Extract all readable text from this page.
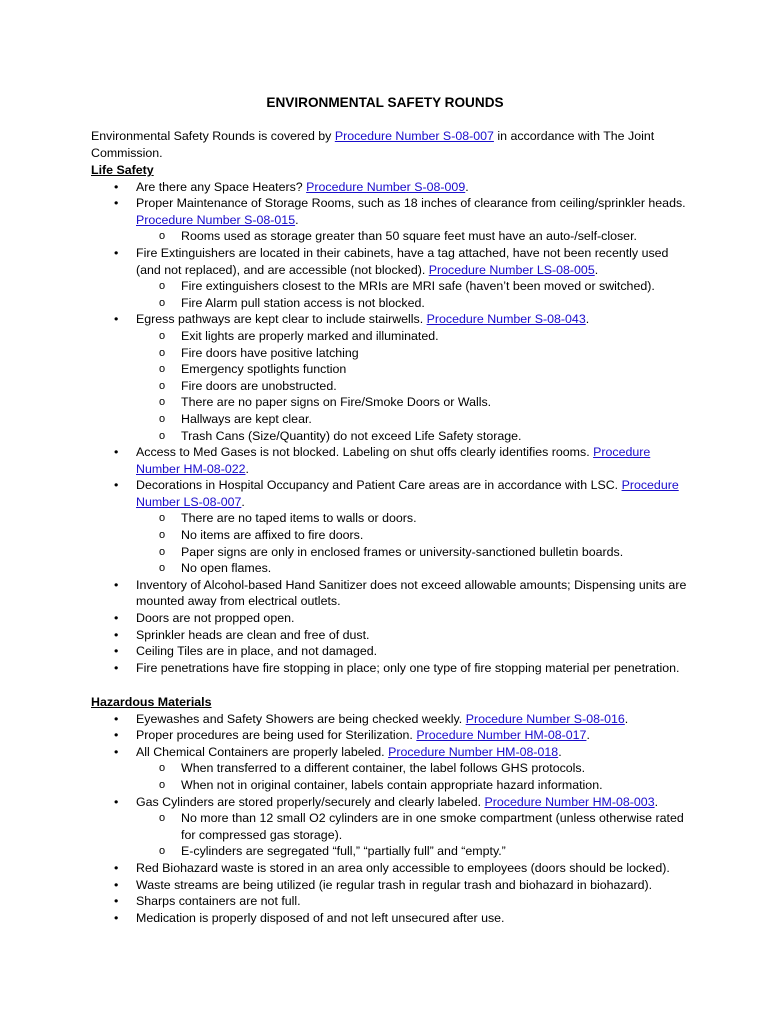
ENVIRONMENTAL SAFETY ROUNDS
Environmental Safety Rounds is covered by Procedure Number S-08-007 in accordance with The Joint Commission.
Life Safety
• Are there any Space Heaters? Procedure Number S-08-009.
• Proper Maintenance of Storage Rooms, such as 18 inches of clearance from ceiling/sprinkler heads. Procedure Number S-08-015.
o Rooms used as storage greater than 50 square feet must have an auto-/self-closer.
• Fire Extinguishers are located in their cabinets, have a tag attached, have not been recently used (and not replaced), and are accessible (not blocked). Procedure Number LS-08-005.
o Fire extinguishers closest to the MRIs are MRI safe (haven’t been moved or switched).
o Fire Alarm pull station access is not blocked.
• Egress pathways are kept clear to include stairwells. Procedure Number S-08-043.
o Exit lights are properly marked and illuminated.
o Fire doors have positive latching
o Emergency spotlights function
o Fire doors are unobstructed.
o There are no paper signs on Fire/Smoke Doors or Walls.
o Hallways are kept clear.
o Trash Cans (Size/Quantity) do not exceed Life Safety storage.
• Access to Med Gases is not blocked. Labeling on shut offs clearly identifies rooms. Procedure Number HM-08-022.
• Decorations in Hospital Occupancy and Patient Care areas are in accordance with LSC. Procedure Number LS-08-007.
o There are no taped items to walls or doors.
o No items are affixed to fire doors.
o Paper signs are only in enclosed frames or university-sanctioned bulletin boards.
o No open flames.
• Inventory of Alcohol-based Hand Sanitizer does not exceed allowable amounts; Dispensing units are mounted away from electrical outlets.
• Doors are not propped open.
• Sprinkler heads are clean and free of dust.
• Ceiling Tiles are in place, and not damaged.
• Fire penetrations have fire stopping in place; only one type of fire stopping material per penetration.
Hazardous Materials
• Eyewashes and Safety Showers are being checked weekly. Procedure Number S-08-016.
• Proper procedures are being used for Sterilization. Procedure Number HM-08-017.
• All Chemical Containers are properly labeled. Procedure Number HM-08-018.
o When transferred to a different container, the label follows GHS protocols.
o When not in original container, labels contain appropriate hazard information.
• Gas Cylinders are stored properly/securely and clearly labeled. Procedure Number HM-08-003.
o No more than 12 small O2 cylinders are in one smoke compartment (unless otherwise rated for compressed gas storage).
o E-cylinders are segregated “full,” “partially full” and “empty.”
• Red Biohazard waste is stored in an area only accessible to employees (doors should be locked).
• Waste streams are being utilized (ie regular trash in regular trash and biohazard in biohazard).
• Sharps containers are not full.
• Medication is properly disposed of and not left unsecured after use.
